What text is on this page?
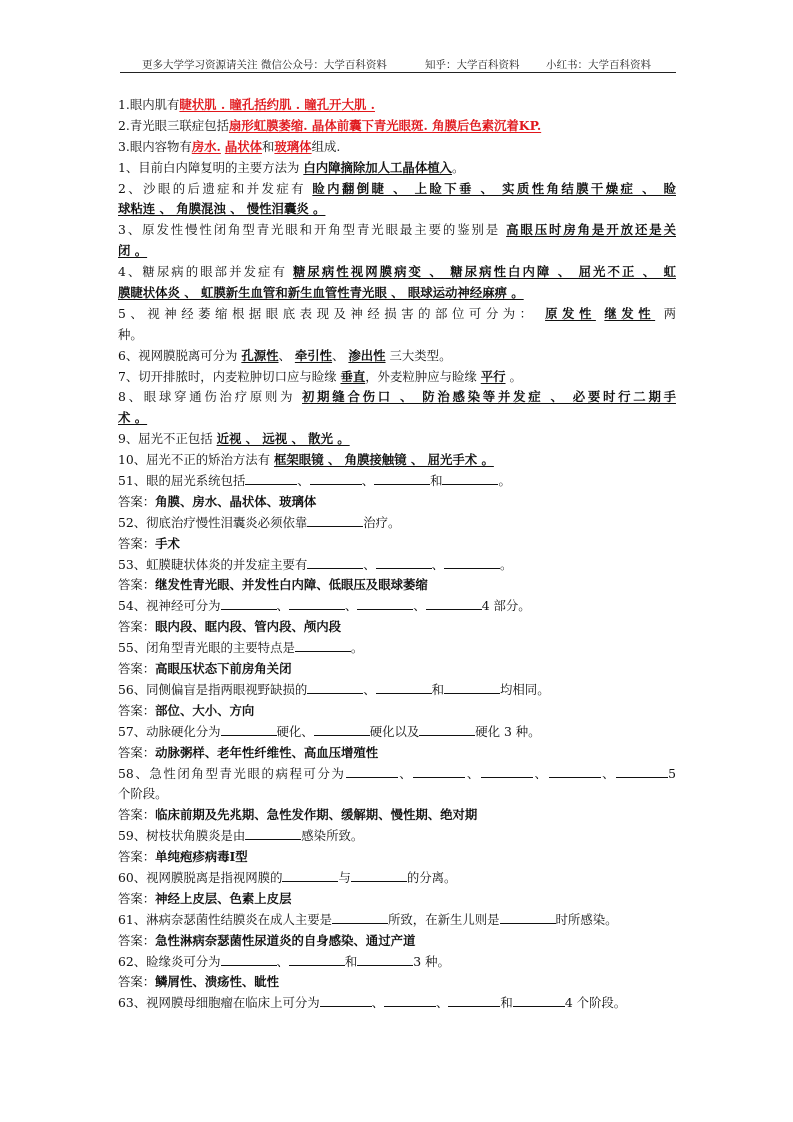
更多大学学习资源请关注 微信公众号：大学百科资料	知乎：大学百科资料	小红书：大学百科资料
1.眼内肌有睫状肌 . 瞳孔括约肌 . 瞳孔开大肌 .
2.青光眼三联症包括扇形虹膜萎缩. 晶体前囊下青光眼斑. 角膜后色素沉着KP.
3.眼内容物有房水. 晶状体和玻璃体组成.
1、目前白内障复明的主要方法为 白内障摘除加人工晶体植入。
2、沙眼的后遗症和并发症有 睑内翻倒睫 、 上睑下垂 、 实质性角结膜干燥症 、 睑
球粘连 、 角膜混浊 、 慢性泪囊炎 。
3、原发性慢性闭角型青光眼和开角型青光眼最主要的鉴别是 高眼压时房角是开放还是关
闭 。
4、糖尿病的眼部并发症有 糖尿病性视网膜病变 、 糖尿病性白内障 、 屈光不正 、 虹
膜睫状体炎 、 虹膜新生血管和新生血管性青光眼 、 眼球运动神经麻痹 。
5、视神经萎缩根据眼底表现及神经损害的部位可分为： 原发性 继发性 两
种。
6、视网膜脱离可分为 孔源性、 牵引性、 渗出性 三大类型。
7、切开排脓时，内麦粒肿切口应与睑缘 垂直，外麦粒肿应与睑缘 平行 。
8、眼球穿通伤治疗原则为 初期缝合伤口 、 防治感染等并发症 、 必要时行二期手
术 。
9、屈光不正包括 近视 、 远视 、 散光 。
10、屈光不正的矫治方法有 框架眼镜 、 角膜接触镜 、 屈光手术 。
51、眼的屈光系统包括	、	、	和	。
答案：角膜、房水、晶状体、玻璃体
52、彻底治疗慢性泪囊炎必须依靠	治疗。
答案：手术
53、虹膜睫状体炎的并发症主要有	、	、	。
答案：继发性青光眼、并发性白内障、低眼压及眼球萎缩
54、视神经可分为	、	、	、	4 部分。
答案：眼内段、眶内段、管内段、颅内段
55、闭角型青光眼的主要特点是	。
答案：高眼压状态下前房角关闭
56、同侧偏盲是指两眼视野缺损的	、	和	均相同。
答案：部位、大小、方向
57、动脉硬化分为	硬化、	硬化以及	硬化 3 种。
答案：动脉粥样、老年性纤维性、高血压增殖性
58、急性闭角型青光眼的病程可分为	、	、	、	、	5
个阶段。
答案：临床前期及先兆期、急性发作期、缓解期、慢性期、绝对期
59、树枝状角膜炎是由	感染所致。
答案：单纯疱疹病毒Ⅰ型
60、视网膜脱离是指视网膜的	与	的分离。
答案：神经上皮层、色素上皮层
61、淋病奈瑟菌性结膜炎在成人主要是	所致，在新生儿则是	时所感染。
答案：急性淋病奈瑟菌性尿道炎的自身感染、通过产道
62、睑缘炎可分为	、	和	3 种。
答案：鳞屑性、溃疡性、眦性
63、视网膜母细胞瘤在临床上可分为	、	、	和	4 个阶段。
